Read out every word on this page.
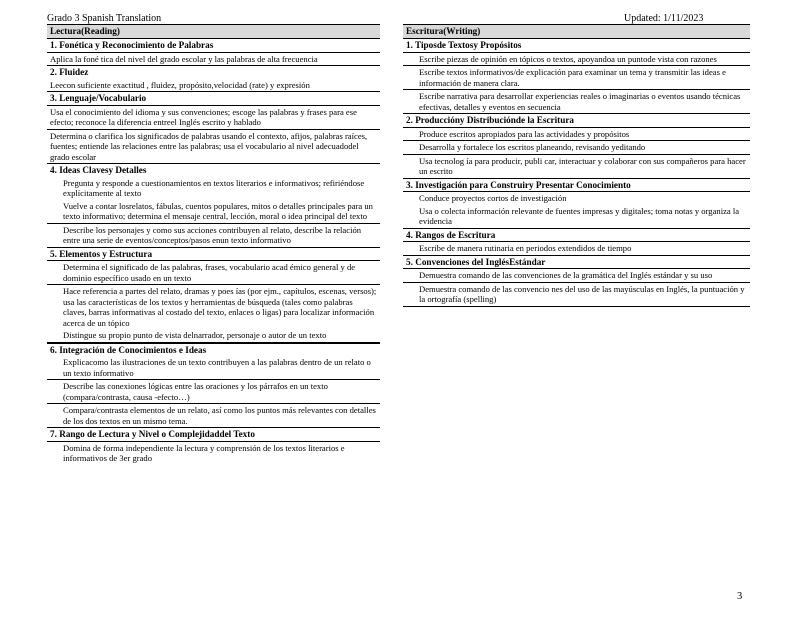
Grado 3 Spanish Translation	Updated: 1/11/2023
Lectura(Reading)
1. Fonética y Reconocimiento de Palabras
Aplica la foné tica del nivel del grado escolar y las palabras de alta frecuencia
2. Fluidez
Leecon suficiente exactitud , fluidez, propósito,velocidad (rate) y expresión
3. Lenguaje/Vocabulario
Usa el conocimiento del idioma y sus convenciones; escoge las palabras y frases para ese efecto; reconoce la diferencia entreel Inglés escrito y hablado
Determina o clarifica los significados de palabras usando el contexto, afijos, palabras raíces, fuentes; entiende las relaciones entre las palabras; usa el vocabulario al nivel adecuadodel grado escolar
4. Ideas Clavesy Detalles
Pregunta y responde a cuestionamientos en textos literarios e informativos; refiriéndose explícitamente al texto
Vuelve a contar losrelatos, fábulas, cuentos populares, mitos o detalles principales para un texto informativo; determina el mensaje central, lección, moral o idea principal del texto
Describe los personajes y como sus acciones contribuyen al relato, describe la relación entre una serie de eventos/conceptos/pasos enun texto informativo
5. Elementos y Estructura
Determina el significado de las palabras, frases, vocabulario acad émico general y de dominio específico usado en un texto
Hace referencia a partes del relato, dramas y poes ías (por ejm., capítulos, escenas, versos); usa las características de los textos y herramientas de búsqueda (tales como palabras claves, barras informativas al costado del texto, enlaces o ligas) para localizar información acerca de un tópico
Distingue su propio punto de vista delnarrador, personaje o autor de un texto
6. Integración de Conocimientos e Ideas
Explicacomo las ilustraciones de un texto contribuyen a las palabras dentro de un relato o un texto informativo
Describe las conexiones lógicas entre las oraciones y los párrafos en un texto (compara/contrasta, causa -efecto…)
Compara/contrasta elementos de un relato, así como los puntos más relevantes con detalles de los dos textos en un mismo tema.
7. Rango de Lectura y Nivel o Complejidaddel Texto
Domina de forma independiente la lectura y comprensión de los textos literarios e informativos de 3er grado
Escritura(Writing)
1. Tiposde Textosy Propósitos
Escribe piezas de opinión en tópicos o textos, apoyandoa un puntode vista con razones
Escribe textos informativos/de explicación para examinar un tema y transmitir las ideas e información de manera clara.
Escribe narrativa para desarrollar experiencias reales o imaginarias o eventos usando técnicas efectivas, detalles y eventos en secuencia
2. Produccióny Distribuciónde la Escritura
Produce escritos apropiados para las actividades y propósitos
Desarrolla y fortalece los escritos planeando, revisando yeditando
Usa tecnolog ía para producir, publi car, interactuar y colaborar con sus compañeros para hacer un escrito
3. Investigación para Construiry Presentar Conocimiento
Conduce proyectos cortos de investigación
Usa o colecta información relevante de fuentes impresas y digitales; toma notas y organiza la evidencia
4. Rangos de Escritura
Escribe de manera rutinaria en periodos extendidos de tiempo
5. Convenciones del InglésEstándar
Demuestra comando de las convenciones de la gramática del Inglés estándar y su uso
Demuestra comando de las convencio nes del uso de las mayúsculas en Inglés, la puntuación y la ortografía (spelling)
3
